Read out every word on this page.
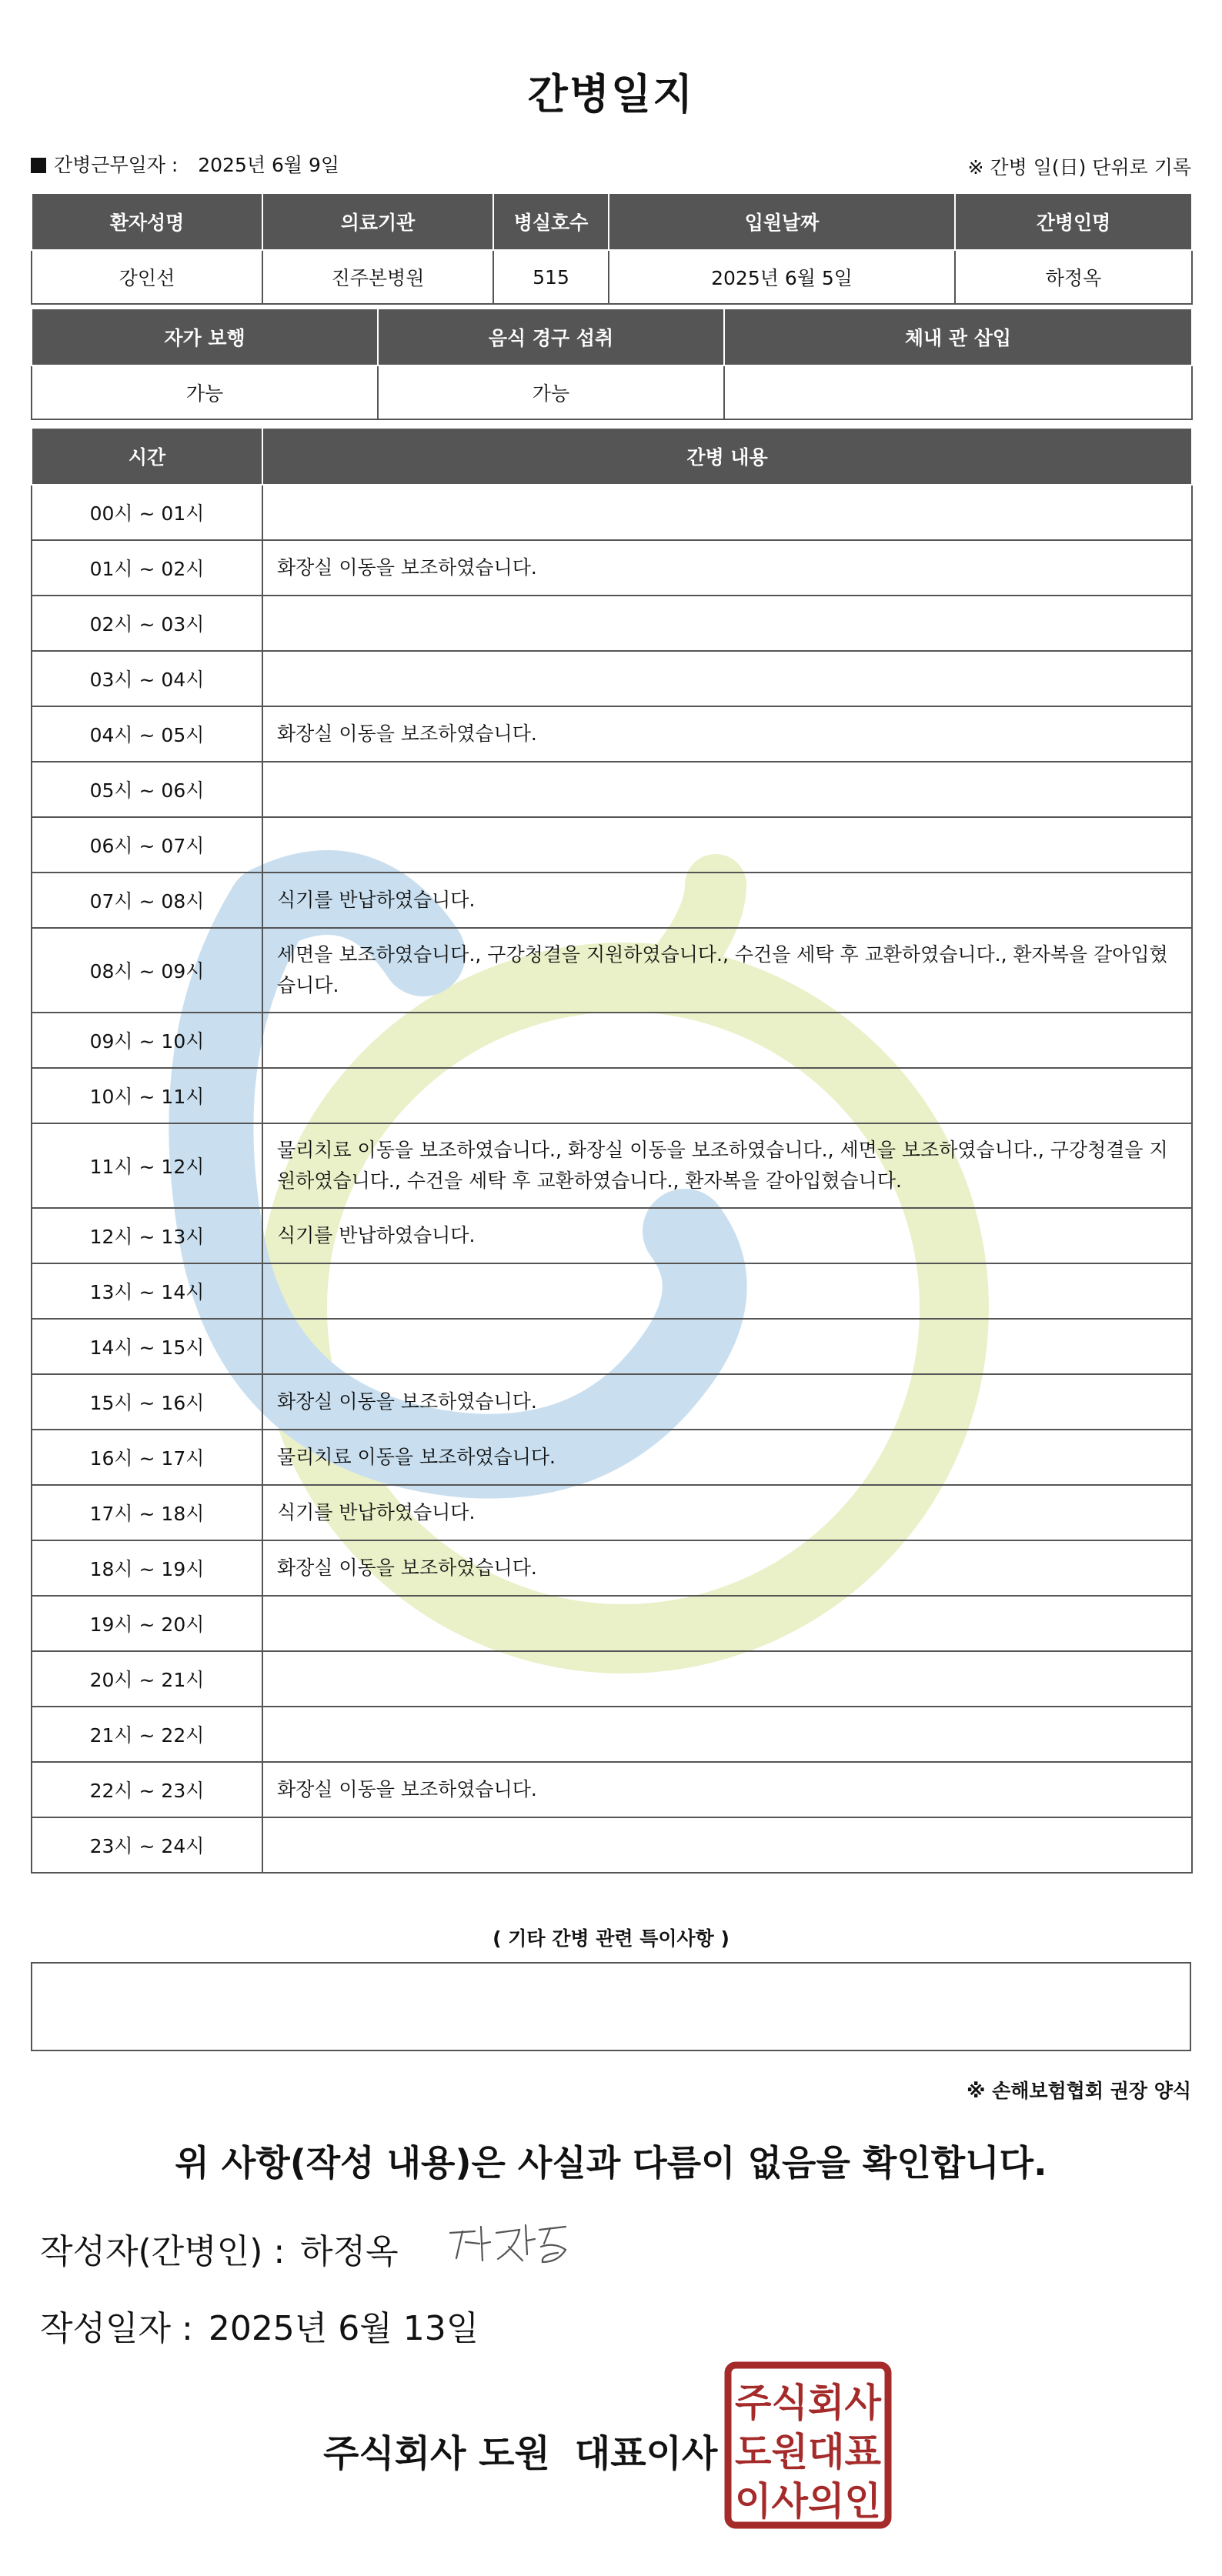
간병일지
간병근무일자 : 2025년 6월 9일	※ 간병 일(日) 단위로 기록
환자성명	의료기관	병실호수	입원날짜	간병인명
강인선	진주본병원	515	2025년 6월 5일	하정옥
자가 보행	음식 경구 섭취	체내 관 삽입
가능	가능	
시간	간병 내용
00시 ~ 01시	
01시 ~ 02시	화장실 이동을 보조하였습니다.
02시 ~ 03시	
03시 ~ 04시	
04시 ~ 05시	화장실 이동을 보조하였습니다.
05시 ~ 06시	
06시 ~ 07시	
07시 ~ 08시	식기를 반납하였습니다.
08시 ~ 09시	세면을 보조하였습니다., 구강청결을 지원하였습니다., 수건을 세탁 후 교환하였습니다., 환자복을 갈아입혔습니다.
09시 ~ 10시	
10시 ~ 11시	
11시 ~ 12시	물리치료 이동을 보조하였습니다., 화장실 이동을 보조하였습니다., 세면을 보조하였습니다., 구강청결을 지원하였습니다., 수건을 세탁 후 교환하였습니다., 환자복을 갈아입혔습니다.
12시 ~ 13시	식기를 반납하였습니다.
13시 ~ 14시	
14시 ~ 15시	
15시 ~ 16시	화장실 이동을 보조하였습니다.
16시 ~ 17시	물리치료 이동을 보조하였습니다.
17시 ~ 18시	식기를 반납하였습니다.
18시 ~ 19시	화장실 이동을 보조하였습니다.
19시 ~ 20시	
20시 ~ 21시	
21시 ~ 22시	
22시 ~ 23시	화장실 이동을 보조하였습니다.
23시 ~ 24시	
( 기타 간병 관련 특이사항 )
※ 손해보험협회 권장 양식
위 사항(작성 내용)은 사실과 다름이 없음을 확인합니다.
작성자(간병인) : 하정옥
작성일자 : 2025년 6월 13일
주식회사 도원 대표이사
주식회사
도원대표
이사의인
